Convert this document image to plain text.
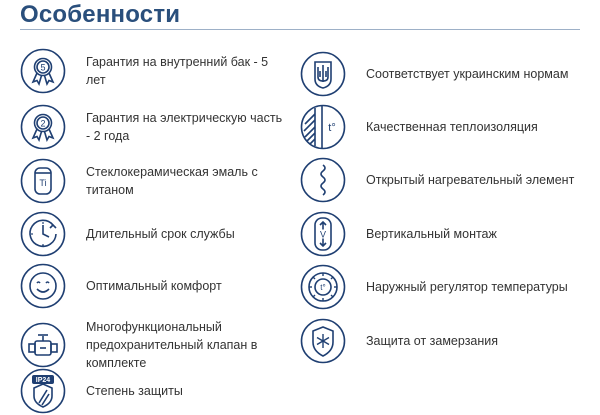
Особенности
5	Гарантия на внутренний бак - 5 лет
2	Гарантия на электрическую часть - 2 года
Ti
Стеклокерамическая эмаль с титаном
Длительный срок службы
Оптимальный комфорт
Многофункциональный предохранительный клапан в комплекте
IP24
Степень защиты
Соответствует украинским нормам
t° Качественная теплоизоляция
Открытый нагревательный элемент
V	Вертикальный монтаж
t°	Наружный регулятор температуры
Защита от замерзания
